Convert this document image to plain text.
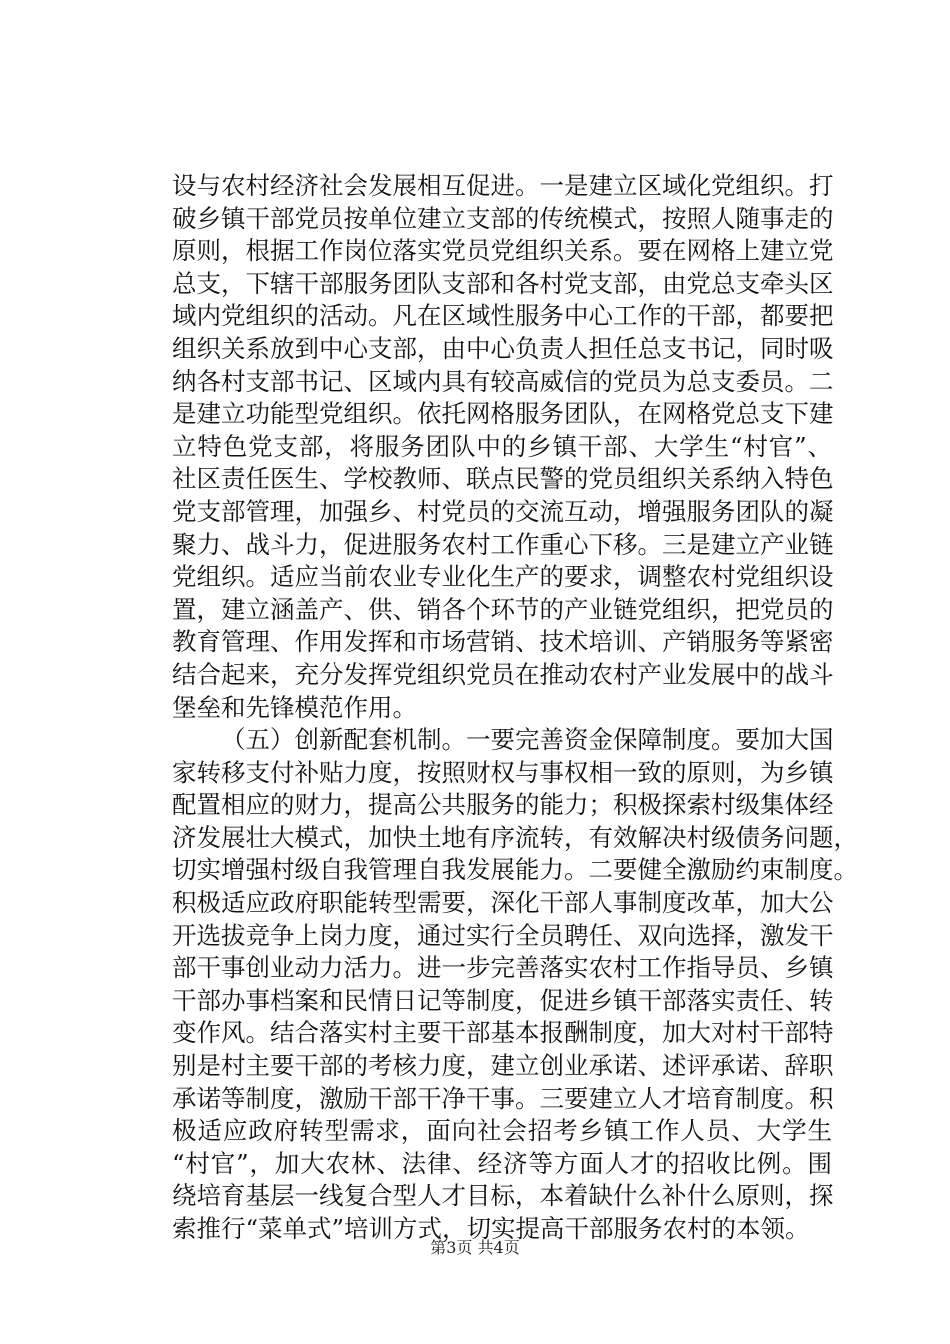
设与农村经济社会发展相互促进。一是建立区域化党组织。打
破乡镇干部党员按单位建立支部的传统模式，按照人随事走的
原则，根据工作岗位落实党员党组织关系。要在网格上建立党
总支，下辖干部服务团队支部和各村党支部，由党总支牵头区
域内党组织的活动。凡在区域性服务中心工作的干部，都要把
组织关系放到中心支部，由中心负责人担任总支书记，同时吸
纳各村支部书记、区域内具有较高威信的党员为总支委员。二
是建立功能型党组织。依托网格服务团队，在网格党总支下建
立特色党支部，将服务团队中的乡镇干部、大学生“村官”、
社区责任医生、学校教师、联点民警的党员组织关系纳入特色
党支部管理，加强乡、村党员的交流互动，增强服务团队的凝
聚力、战斗力，促进服务农村工作重心下移。三是建立产业链
党组织。适应当前农业专业化生产的要求，调整农村党组织设
置，建立涵盖产、供、销各个环节的产业链党组织，把党员的
教育管理、作用发挥和市场营销、技术培训、产销服务等紧密
结合起来，充分发挥党组织党员在推动农村产业发展中的战斗
堡垒和先锋模范作用。
（五）创新配套机制。一要完善资金保障制度。要加大国
家转移支付补贴力度，按照财权与事权相一致的原则，为乡镇
配置相应的财力，提高公共服务的能力；积极探索村级集体经
济发展壮大模式，加快土地有序流转，有效解决村级债务问题，
切实增强村级自我管理自我发展能力。二要健全激励约束制度。
积极适应政府职能转型需要，深化干部人事制度改革，加大公
开选拔竞争上岗力度，通过实行全员聘任、双向选择，激发干
部干事创业动力活力。进一步完善落实农村工作指导员、乡镇
干部办事档案和民情日记等制度，促进乡镇干部落实责任、转
变作风。结合落实村主要干部基本报酬制度，加大对村干部特
别是村主要干部的考核力度，建立创业承诺、述评承诺、辞职
承诺等制度，激励干部干净干事。三要建立人才培育制度。积
极适应政府转型需求，面向社会招考乡镇工作人员、大学生
“村官”，加大农林、法律、经济等方面人才的招收比例。围
绕培育基层一线复合型人才目标，本着缺什么补什么原则，探
索推行“菜单式”培训方式，切实提高干部服务农村的本领。
第3页 共4页
